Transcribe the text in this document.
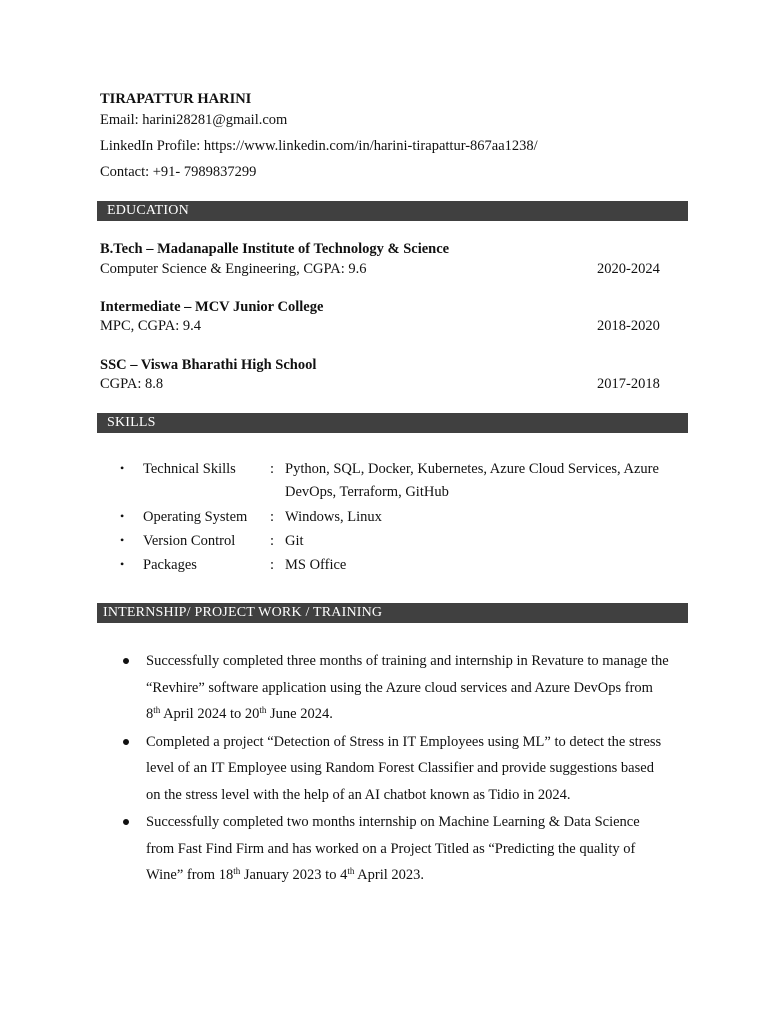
TIRAPATTUR HARINI
Email: harini28281@gmail.com
LinkedIn Profile: https://www.linkedin.com/in/harini-tirapattur-867aa1238/
Contact: +91- 7989837299
EDUCATION
B.Tech – Madanapalle Institute of Technology & Science
Computer Science & Engineering, CGPA: 9.6	2020-2024
Intermediate – MCV Junior College
MPC, CGPA: 9.4	2018-2020
SSC – Viswa Bharathi High School
CGPA: 8.8	2017-2018
SKILLS
• Technical Skills : Python, SQL, Docker, Kubernetes, Azure Cloud Services, Azure DevOps, Terraform, GitHub
• Operating System : Windows, Linux
• Version Control : Git
• Packages	: MS Office
INTERNSHIP/ PROJECT WORK / TRAINING
Successfully completed three months of training and internship in Revature to manage the “Revhire” software application using the Azure cloud services and Azure DevOps from 8th April 2024 to 20th June 2024.
Completed a project “Detection of Stress in IT Employees using ML” to detect the stress level of an IT Employee using Random Forest Classifier and provide suggestions based on the stress level with the help of an AI chatbot known as Tidio in 2024.
Successfully completed two months internship on Machine Learning & Data Science from Fast Find Firm and has worked on a Project Titled as “Predicting the quality of Wine” from 18th January 2023 to 4th April 2023.
